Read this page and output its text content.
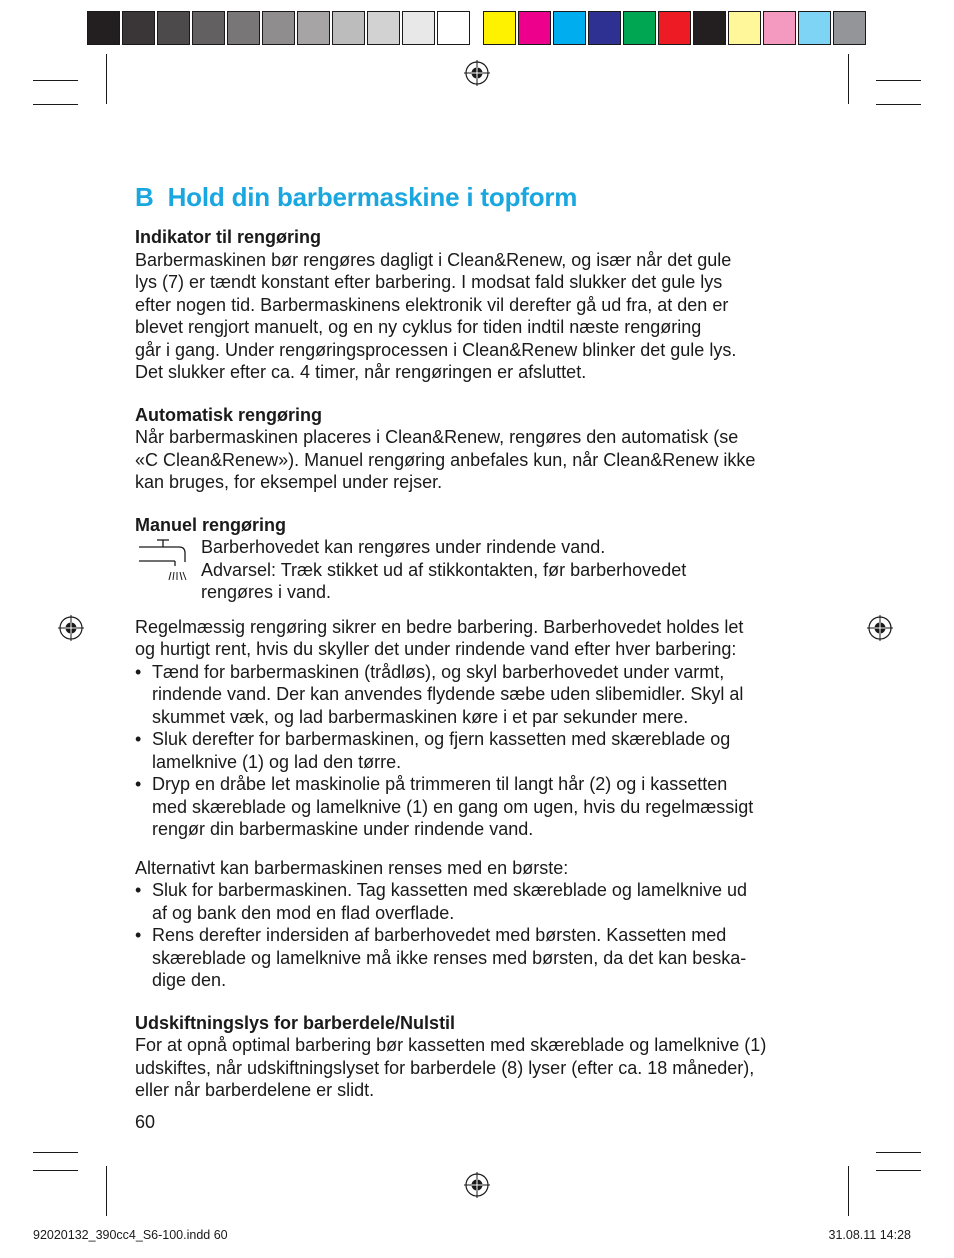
B Hold din barbermaskine i topform
Indikator til rengøring

Barbermaskinen bør rengøres dagligt i Clean&Renew, og især når det gule

lys (7) er tændt konstant efter barbering. I modsat fald slukker det gule lys

efter nogen tid. Barbermaskinens elektronik vil derefter gå ud fra, at den er

blevet rengjort manuelt, og en ny cyklus for tiden indtil næste rengøring

går i gang. Under rengøringsprocessen i Clean&Renew blinker det gule lys.

Det slukker efter ca. 4 timer, når rengøringen er afsluttet.

Automatisk rengøring

Når barbermaskinen placeres i Clean&Renew, rengøres den automatisk (se

«C Clean&Renew»). Manuel rengøring anbefales kun, når Clean&Renew ikke

kan bruges, for eksempel under rejser.

Manuel rengøring

Barberhovedet kan rengøres under rindende vand.

Advarsel: Træk stikket ud af stikkontakten, før barberhovedet

rengøres i vand.

Regelmæssig rengøring sikrer en bedre barbering. Barberhovedet holdes let

og hurtigt rent, hvis du skyller det under rindende vand efter hver barbering:

• Tænd for barbermaskinen (trådløs), og skyl barberhovedet under varmt,
rindende vand. Der kan anvendes flydende sæbe uden slibemidler. Skyl al
skummet væk, og lad barbermaskinen køre i et par sekunder mere.
• Sluk derefter for barbermaskinen, og fjern kassetten med skæreblade og
lamelknive (1) og lad den tørre.
• Dryp en dråbe let maskinolie på trimmeren til langt hår (2) og i kassetten
med skæreblade og lamelknive (1) en gang om ugen, hvis du regelmæssigt
rengør din barbermaskine under rindende vand.

Alternativt kan barbermaskinen renses med en børste:

• Sluk for barbermaskinen. Tag kassetten med skæreblade og lamelknive ud
af og bank den mod en flad overflade.
• Rens derefter indersiden af barberhovedet med børsten. Kassetten med
skæreblade og lamelknive må ikke renses med børsten, da det kan beska-
dige den.
Udskiftningslys for barberdele/Nulstil

For at opnå optimal barbering bør kassetten med skæreblade og lamelknive (1)

udskiftes, når udskiftningslyset for barberdele (8) lyser (efter ca. 18 måneder),

eller når barberdelene er slidt.

60
92020132_390cc4_S6-100.indd 60	31.08.11 14:28
